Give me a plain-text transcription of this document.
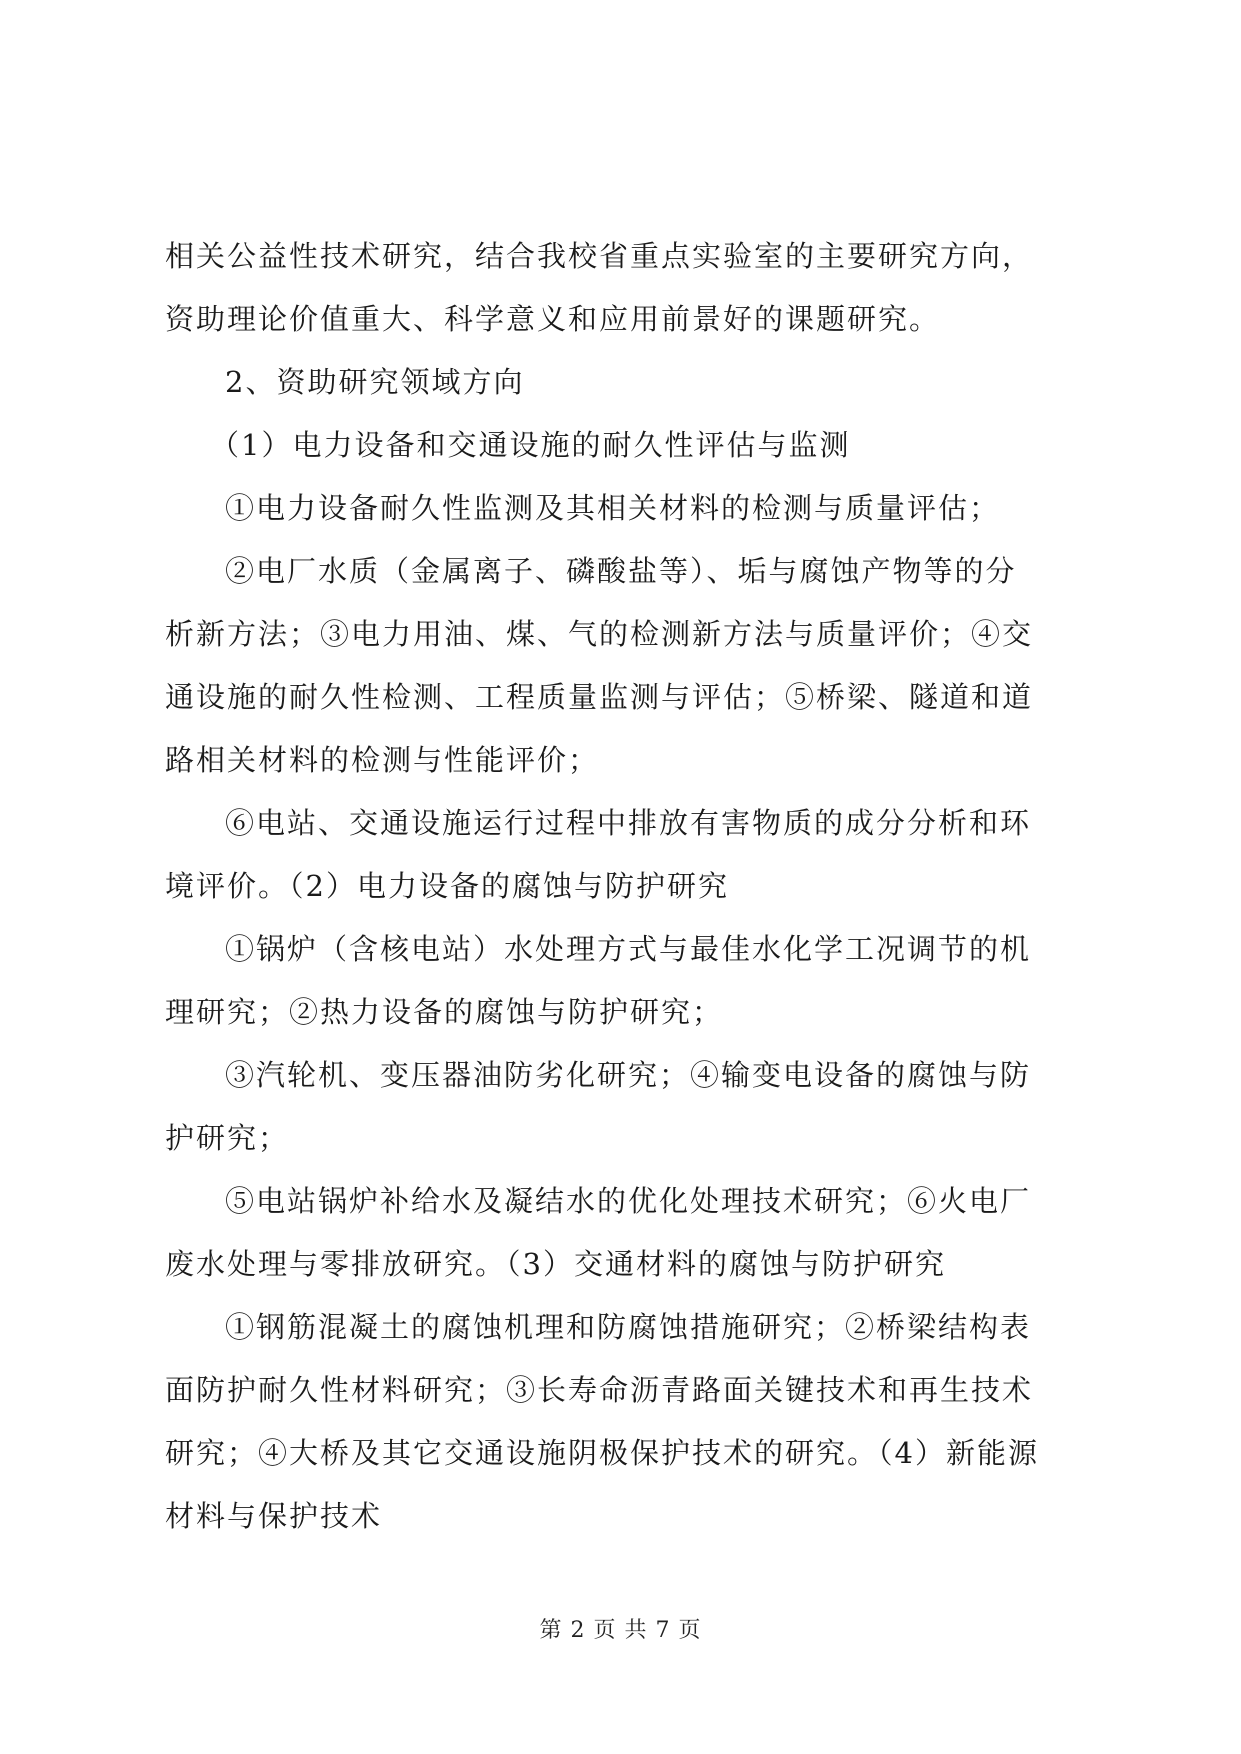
相关公益性技术研究，结合我校省重点实验室的主要研究方向，
资助理论价值重大、科学意义和应用前景好的课题研究。
2、资助研究领域方向
（1）电力设备和交通设施的耐久性评估与监测
①电力设备耐久性监测及其相关材料的检测与质量评估；
②电厂水质（金属离子、磷酸盐等）、垢与腐蚀产物等的分
析新方法；③电力用油、煤、气的检测新方法与质量评价；④交
通设施的耐久性检测、工程质量监测与评估；⑤桥梁、隧道和道
路相关材料的检测与性能评价；
⑥电站、交通设施运行过程中排放有害物质的成分分析和环
境评价。（2）电力设备的腐蚀与防护研究
①锅炉（含核电站）水处理方式与最佳水化学工况调节的机
理研究；②热力设备的腐蚀与防护研究；
③汽轮机、变压器油防劣化研究；④输变电设备的腐蚀与防
护研究；
⑤电站锅炉补给水及凝结水的优化处理技术研究；⑥火电厂
废水处理与零排放研究。（3）交通材料的腐蚀与防护研究
①钢筋混凝土的腐蚀机理和防腐蚀措施研究；②桥梁结构表
面防护耐久性材料研究；③长寿命沥青路面关键技术和再生技术
研究；④大桥及其它交通设施阴极保护技术的研究。（4）新能源
材料与保护技术
第 2 页 共 7 页
